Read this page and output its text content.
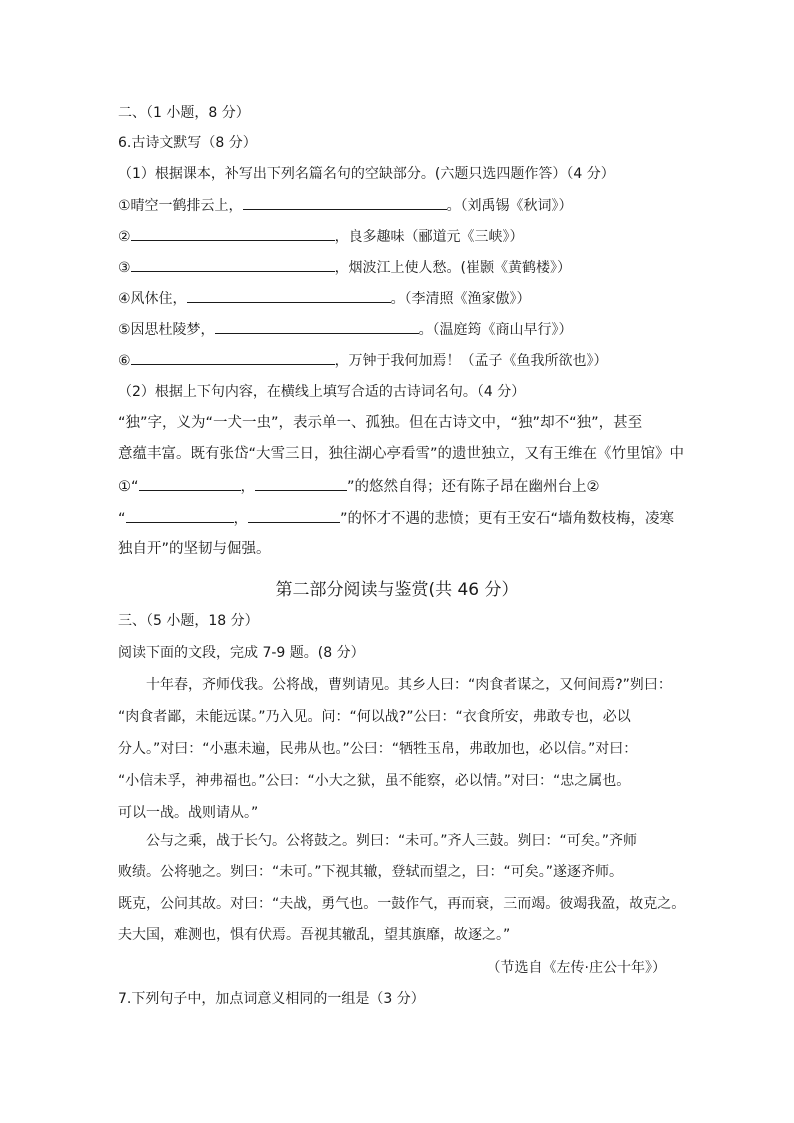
二、（1 小题，8 分）
6.古诗文默写（8 分）
（1）根据课本，补写出下列名篇名句的空缺部分。(六题只选四题作答）（4 分）
①晴空一鹤排云上，	。（刘禹锡《秋词》）
②	，良多趣味（郦道元《三峡》）
③	，烟波江上使人愁。(崔颢《黄鹤楼》）
④风休住，	。（李清照《渔家傲》）
⑤因思杜陵梦，	。（温庭筠《商山早行》）
⑥	，万钟于我何加焉！（孟子《鱼我所欲也》）
（2）根据上下句内容，在横线上填写合适的古诗词名句。（4 分）
“独”字，义为“一犬一虫”，表示单一、孤独。但在古诗文中，“独”却不“独”，甚至
意蕴丰富。既有张岱“大雪三日，独往湖心亭看雪”的遗世独立，又有王维在《竹里馆》中
①“	，	”的悠然自得；还有陈子昂在幽州台上②
“	，	”的怀才不遇的悲愤；更有王安石“墙角数枝梅，凌寒
独自开”的坚韧与倔强。
第二部分阅读与鉴赏(共 46 分）
三、（5 小题，18 分）
阅读下面的文段，完成 7-9 题。(8 分）
　　十年春，齐师伐我。公将战，曹刿请见。其乡人曰：“肉食者谋之，又何间焉?”刿曰：
“肉食者鄙，未能远谋。”乃入见。问：“何以战?”公曰：“衣食所安，弗敢专也，必以
分人。”对曰：“小惠未遍，民弗从也。”公曰：“牺牲玉帛，弗敢加也，必以信。”对曰：
“小信未孚，神弗福也。”公曰：“小大之狱，虽不能察，必以情。”对曰：“忠之属也。
可以一战。战则请从。”
　　公与之乘，战于长勺。公将鼓之。刿曰：“未可。”齐人三鼓。刿曰：“可矣。”齐师
败绩。公将驰之。刿曰：“未可。”下视其辙，登轼而望之，曰：“可矣。”遂逐齐师。
既克，公问其故。对曰：“夫战，勇气也。一鼓作气，再而衰，三而竭。彼竭我盈，故克之。
夫大国，难测也，惧有伏焉。吾视其辙乱，望其旗靡，故逐之。”
（节选自《左传·庄公十年》）
7.下列句子中，加点词意义相同的一组是（3 分）
